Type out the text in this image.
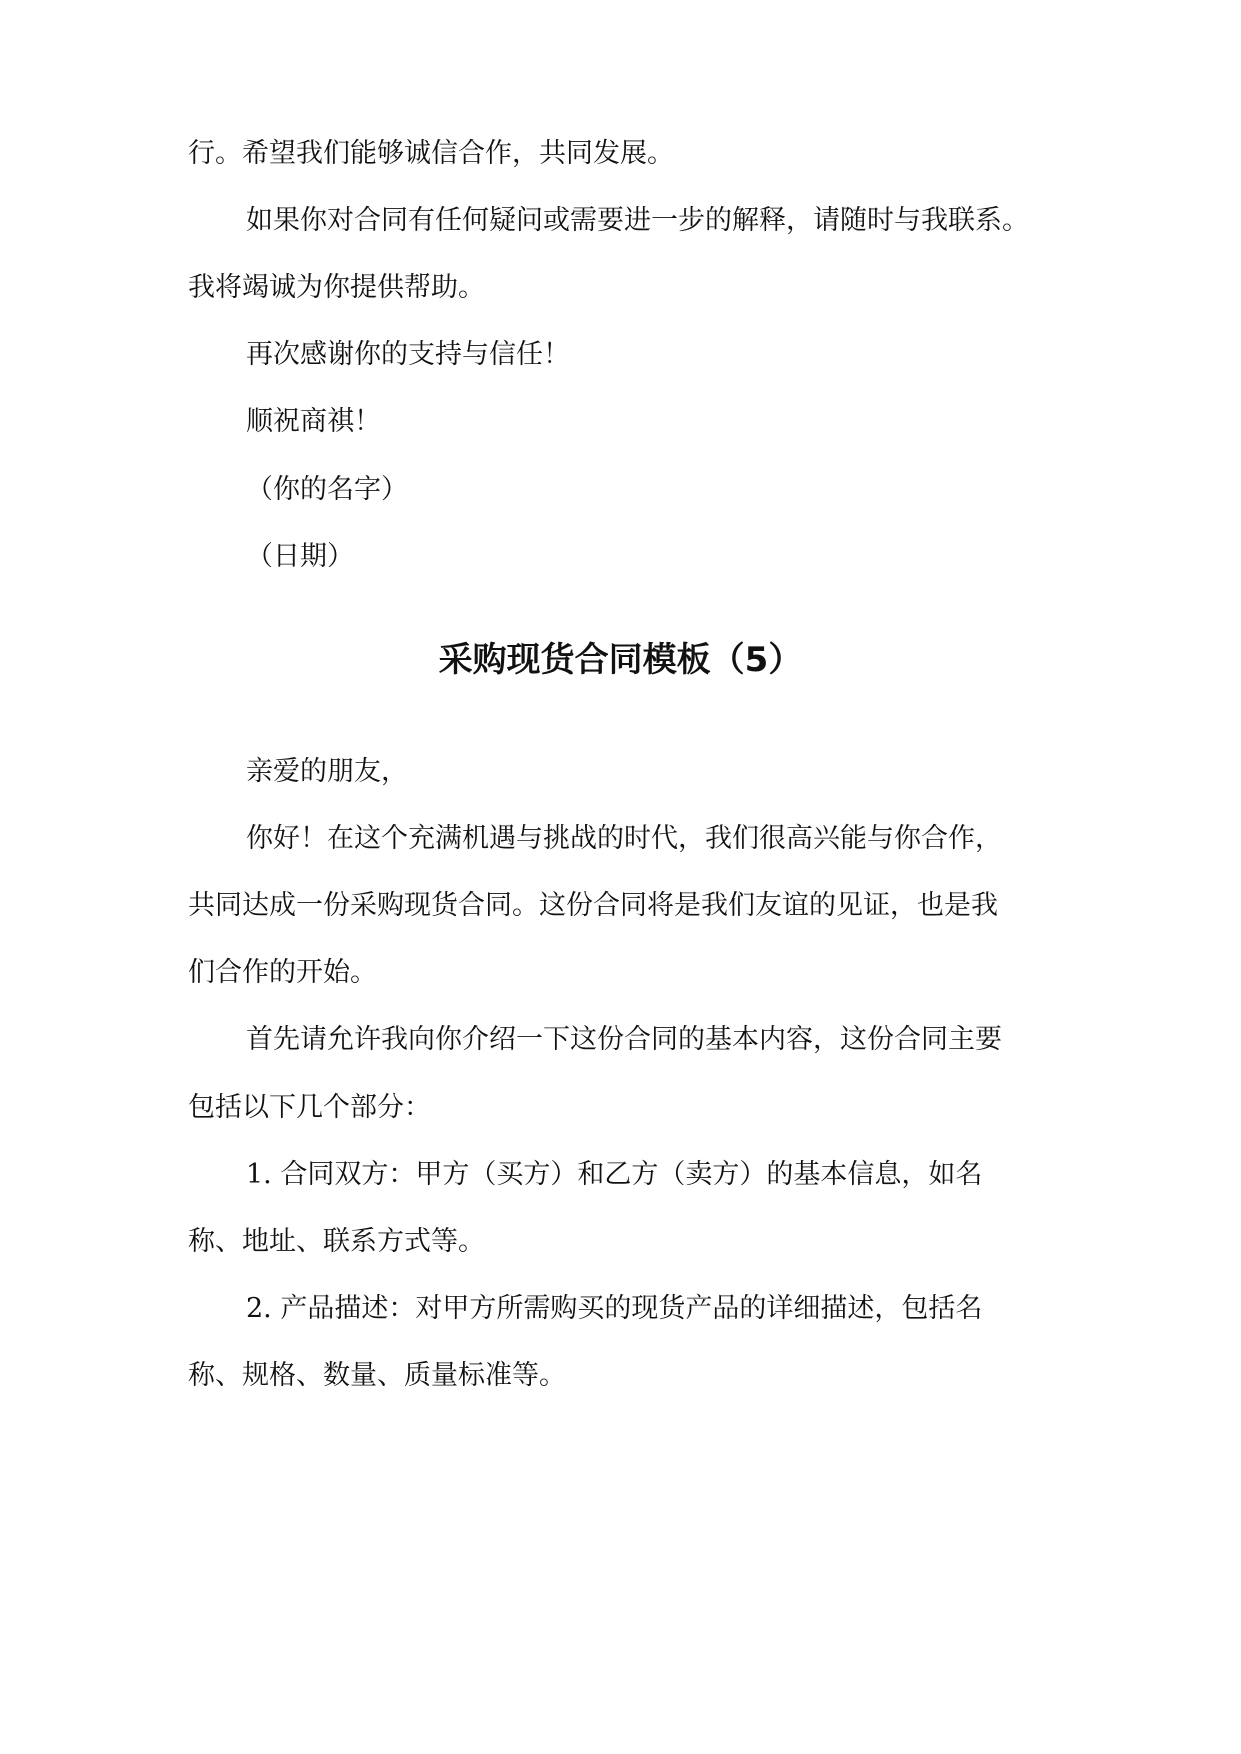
行。希望我们能够诚信合作，共同发展。
如果你对合同有任何疑问或需要进一步的解释，请随时与我联系。
我将竭诚为你提供帮助。
再次感谢你的支持与信任！
顺祝商祺！
（你的名字）
（日期）
采购现货合同模板（5）
亲爱的朋友，
你好！在这个充满机遇与挑战的时代，我们很高兴能与你合作，
共同达成一份采购现货合同。这份合同将是我们友谊的见证，也是我
们合作的开始。
首先请允许我向你介绍一下这份合同的基本内容，这份合同主要
包括以下几个部分：
1. 合同双方：甲方（买方）和乙方（卖方）的基本信息，如名
称、地址、联系方式等。
2. 产品描述：对甲方所需购买的现货产品的详细描述，包括名
称、规格、数量、质量标准等。
